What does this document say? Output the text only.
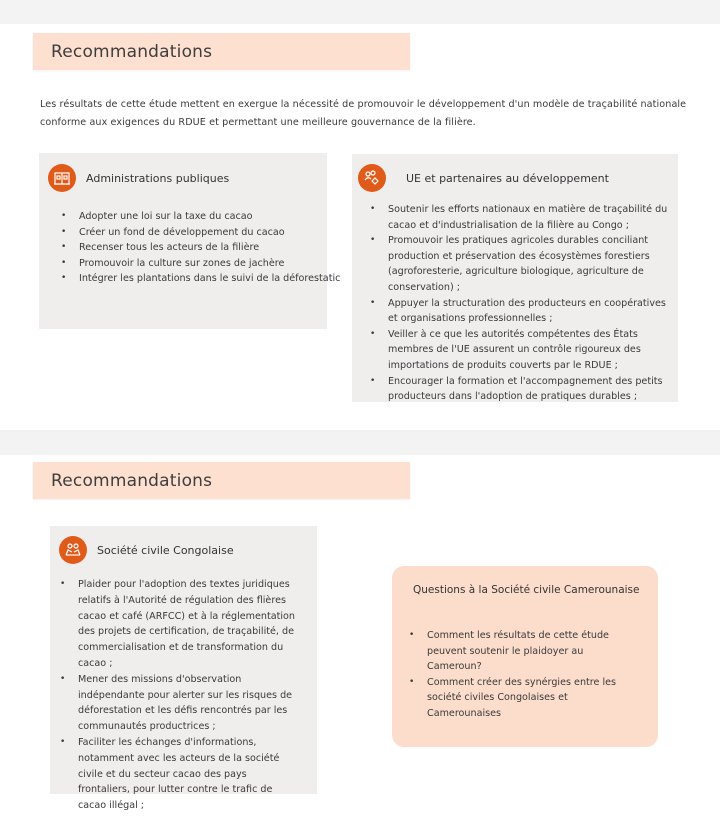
Recommandations
Les résultats de cette étude mettent en exergue la nécessité de promouvoir le développement d'un modèle de traçabilité nationale conforme aux exigences du RDUE et permettant une meilleure gouvernance de la filière.
Administrations publiques
• Adopter une loi sur la taxe du cacao
• Créer un fond de développement du cacao
• Recenser tous les acteurs de la filière
• Promouvoir la culture sur zones de jachère
• Intégrer les plantations dans le suivi de la déforestatic
UE et partenaires au développement
• Soutenir les efforts nationaux en matière de traçabilité du cacao et d'industrialisation de la filière au Congo ;
• Promouvoir les pratiques agricoles durables conciliant production et préservation des écosystèmes forestiers (agroforesterie, agriculture biologique, agriculture de conservation) ;
• Appuyer la structuration des producteurs en coopératives et organisations professionnelles ;
• Veiller à ce que les autorités compétentes des États membres de l'UE assurent un contrôle rigoureux des importations de produits couverts par le RDUE ;
• Encourager la formation et l'accompagnement des petits producteurs dans l'adoption de pratiques durables ;
Recommandations
Société civile Congolaise
• Plaider pour l'adoption des textes juridiques relatifs à l'Autorité de régulation des flières cacao et café (ARFCC) et à la réglementation des projets de certification, de traçabilité, de commercialisation et de transformation du cacao ;
• Mener des missions d'observation indépendante pour alerter sur les risques de déforestation et les défis rencontrés par les communautés productrices ;
• Faciliter les échanges d'informations, notamment avec les acteurs de la société civile et du secteur cacao des pays frontaliers, pour lutter contre le trafic de cacao illégal ;
Questions à la Société civile Camerounaise
• Comment les résultats de cette étude peuvent soutenir le plaidoyer au Cameroun?
• Comment créer des synérgies entre les société civiles Congolaises et Camerounaises
